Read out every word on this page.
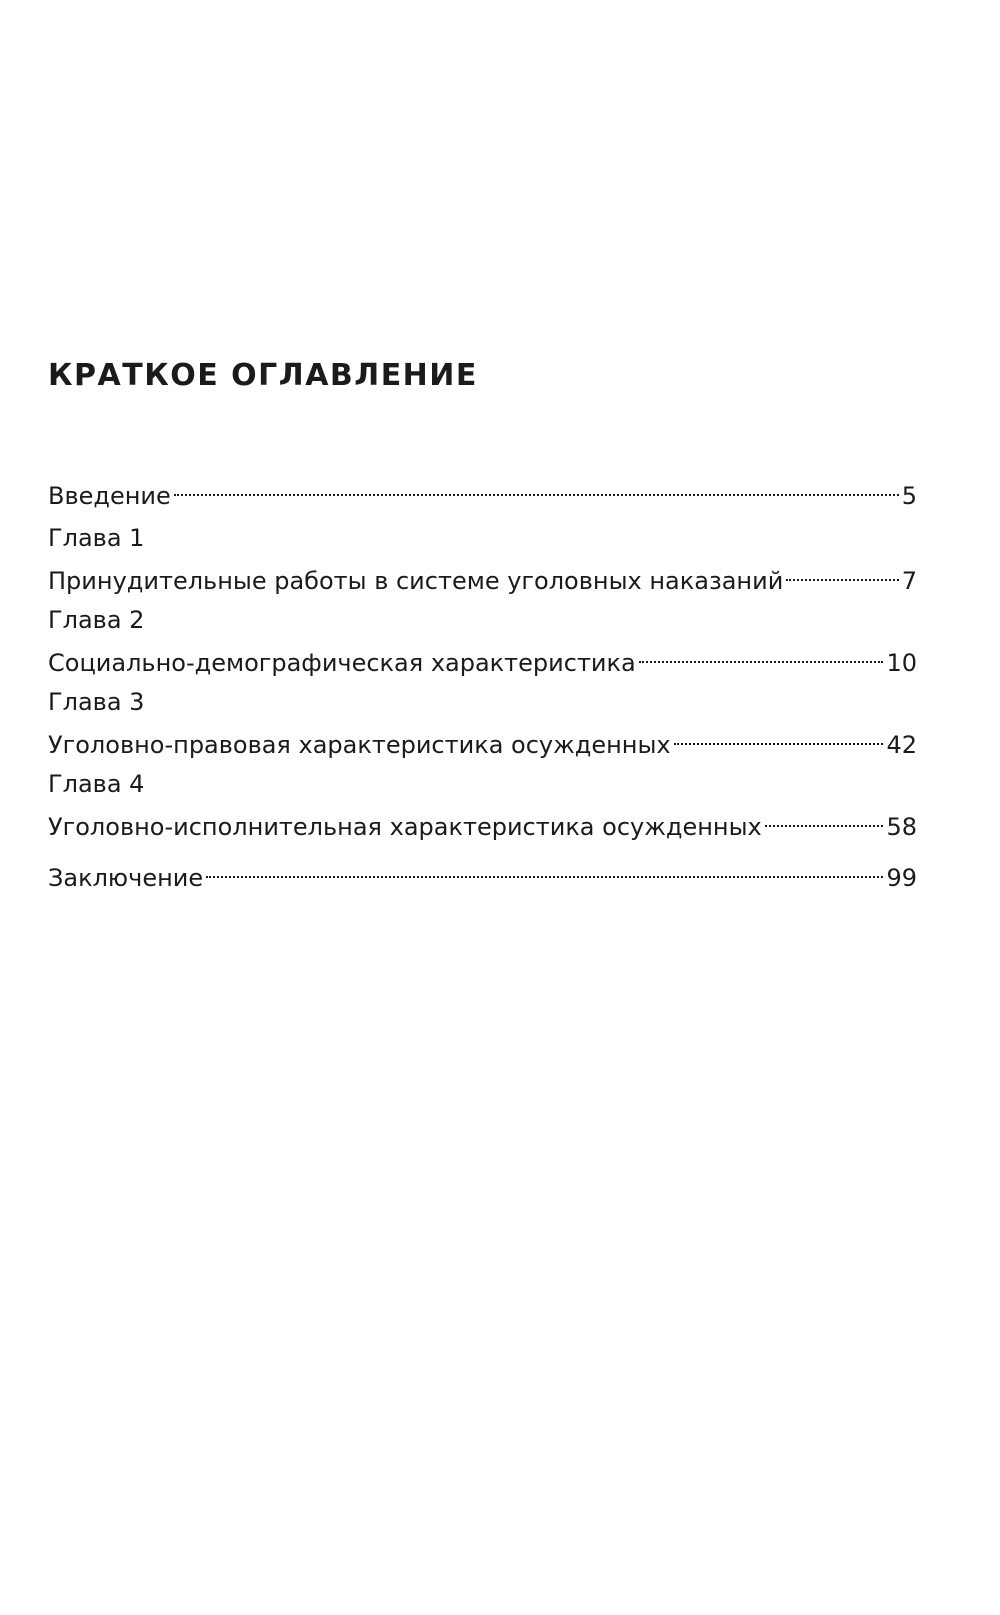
КРАТКОЕ ОГЛАВЛЕНИЕ
Введение	5
Глава 1
Принудительные работы в системе уголовных наказаний	7
Глава 2
Социально-демографическая характеристика	10
Глава 3
Уголовно-правовая характеристика осужденных	42
Глава 4
Уголовно-исполнительная характеристика осужденных	58
Заключение	99
